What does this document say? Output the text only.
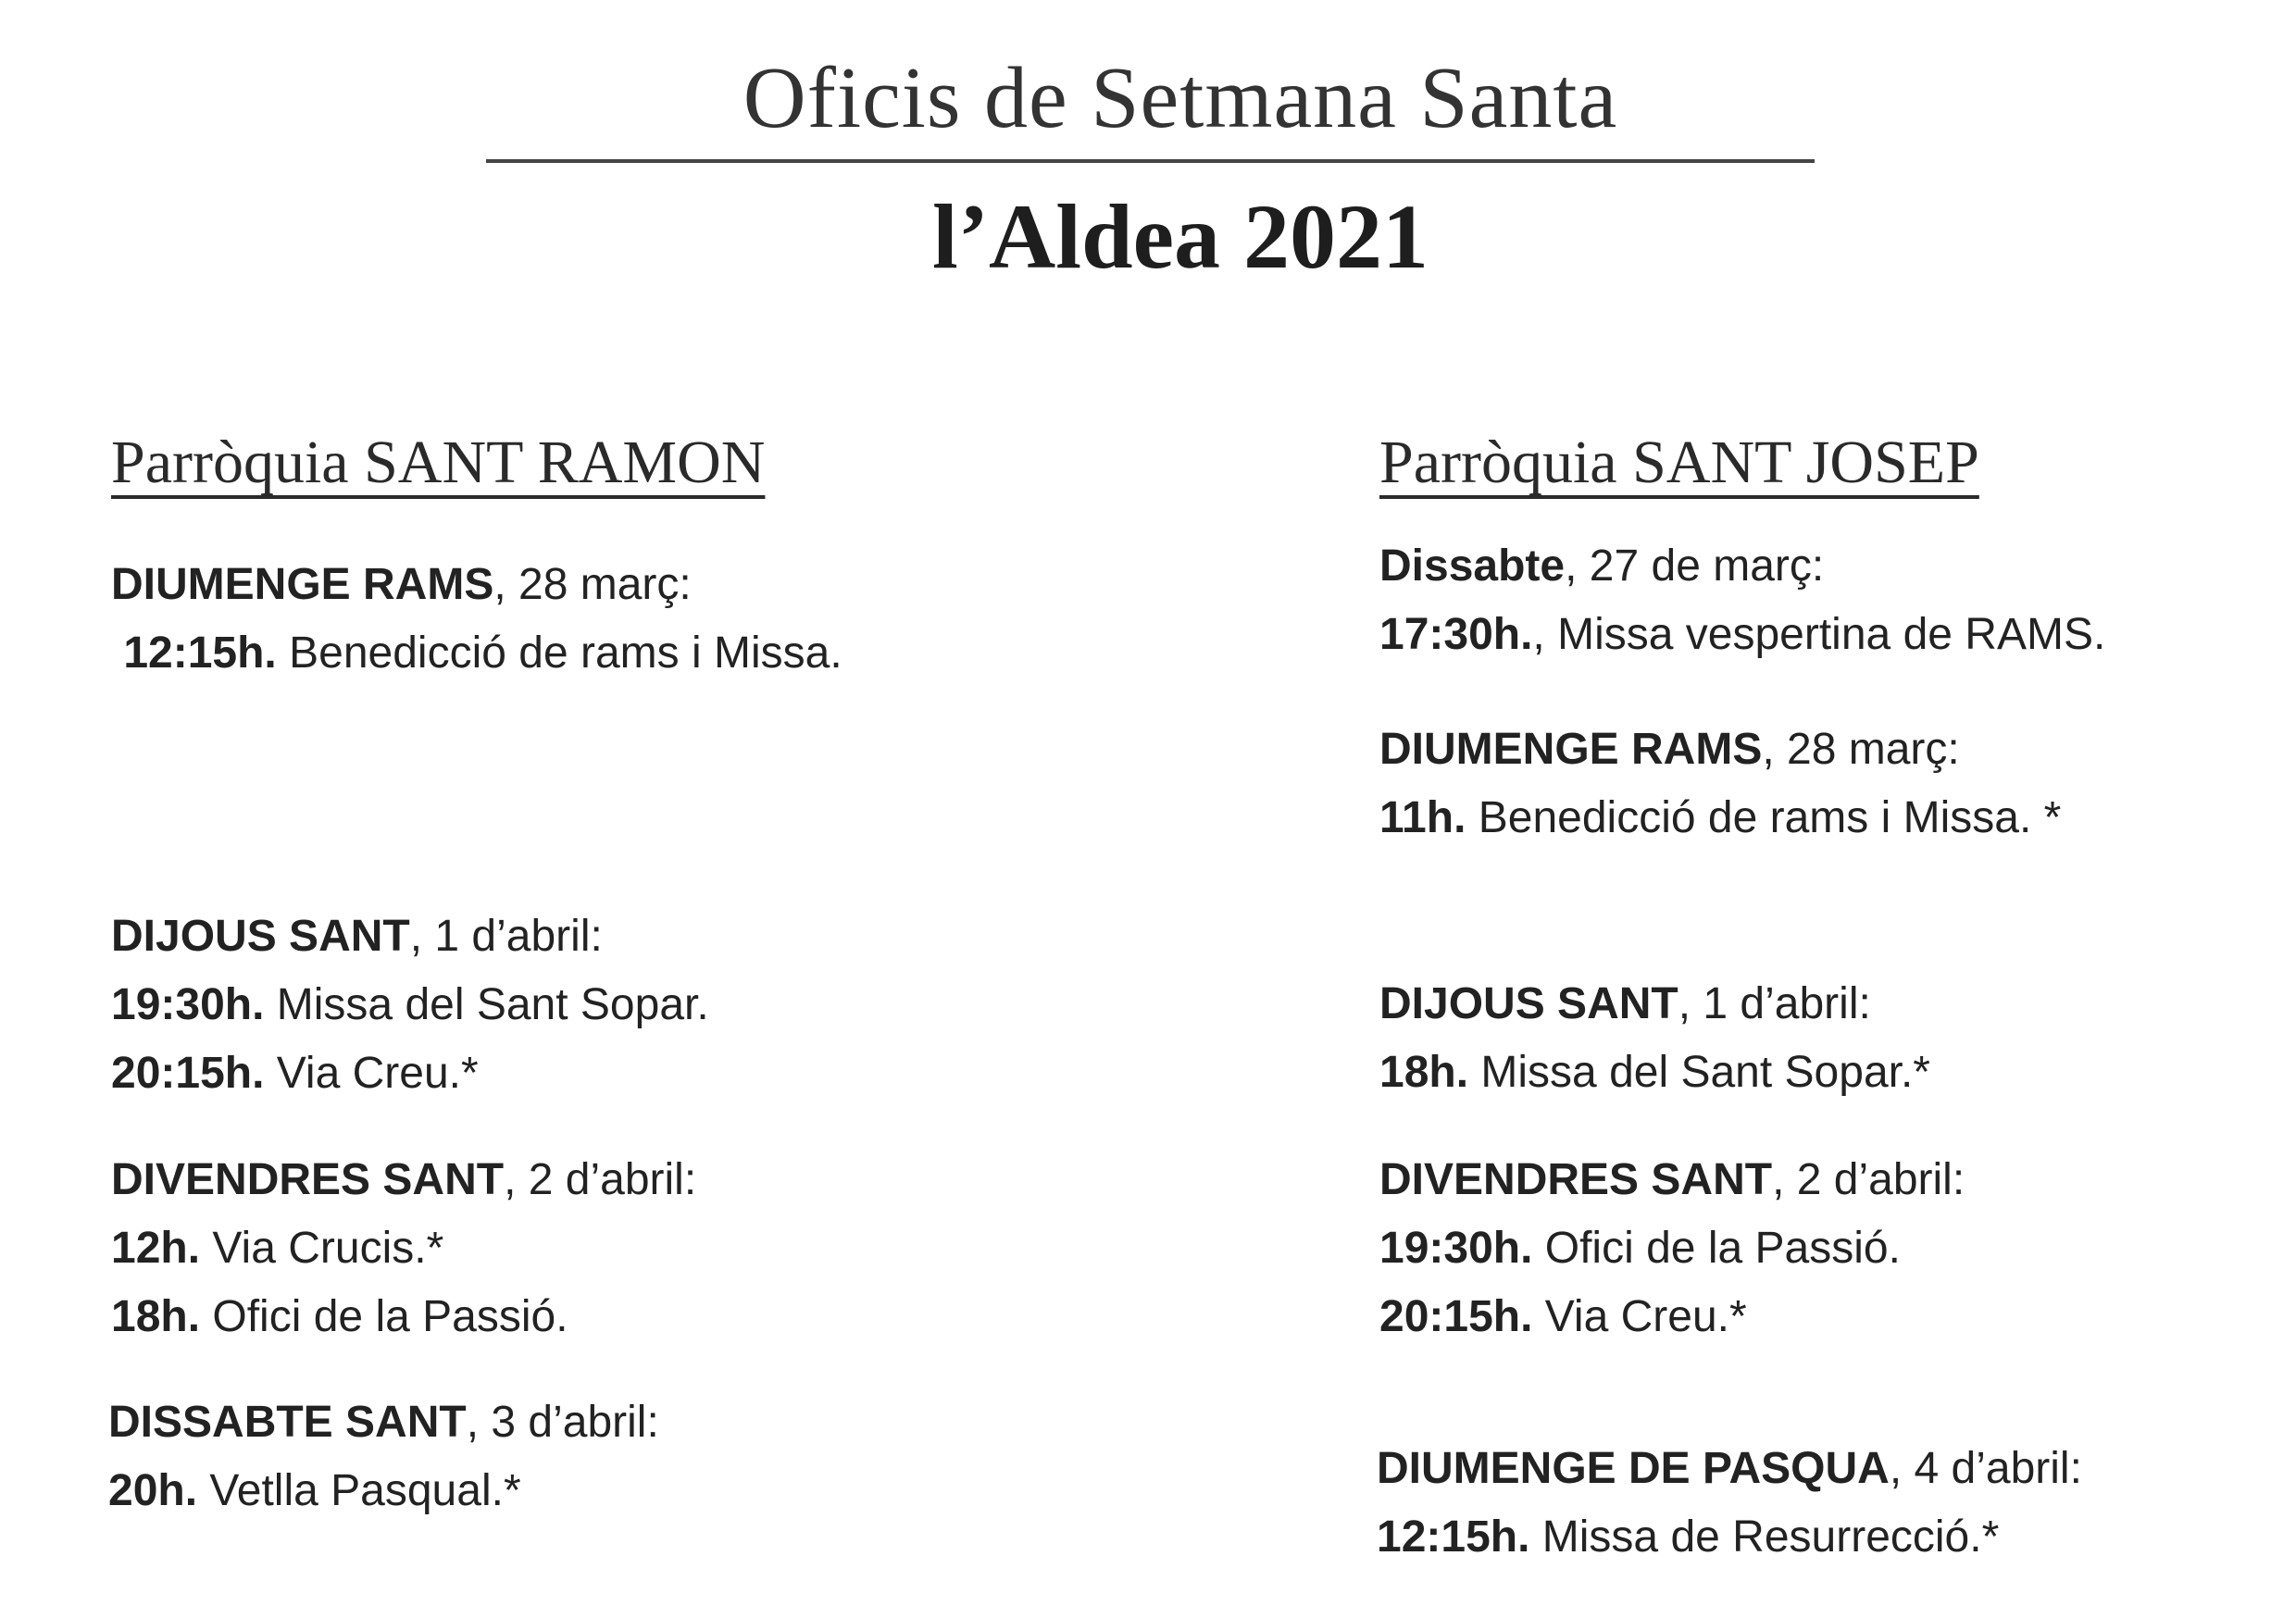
Oficis de Setmana Santa
l’Aldea 2021
Parròquia SANT RAMON

DIUMENGE RAMS, 28 març:

12:15h. Benedicció de rams i Missa.

DIJOUS SANT, 1 d’abril:

19:30h. Missa del Sant Sopar.

20:15h. Via Creu.*

DIVENDRES SANT, 2 d’abril:

12h. Via Crucis.*

18h. Ofici de la Passió.

DISSABTE SANT, 3 d’abril:

20h. Vetlla Pasqual.*

Parròquia SANT JOSEP

Dissabte, 27 de març:

17:30h., Missa vespertina de RAMS.

DIUMENGE RAMS, 28 març:

11h. Benedicció de rams i Missa. *

DIJOUS SANT, 1 d’abril:

18h. Missa del Sant Sopar.*

DIVENDRES SANT, 2 d’abril:

19:30h. Ofici de la Passió.

20:15h. Via Creu.*

DIUMENGE DE PASQUA, 4 d’abril:

12:15h. Missa de Resurrecció.*
